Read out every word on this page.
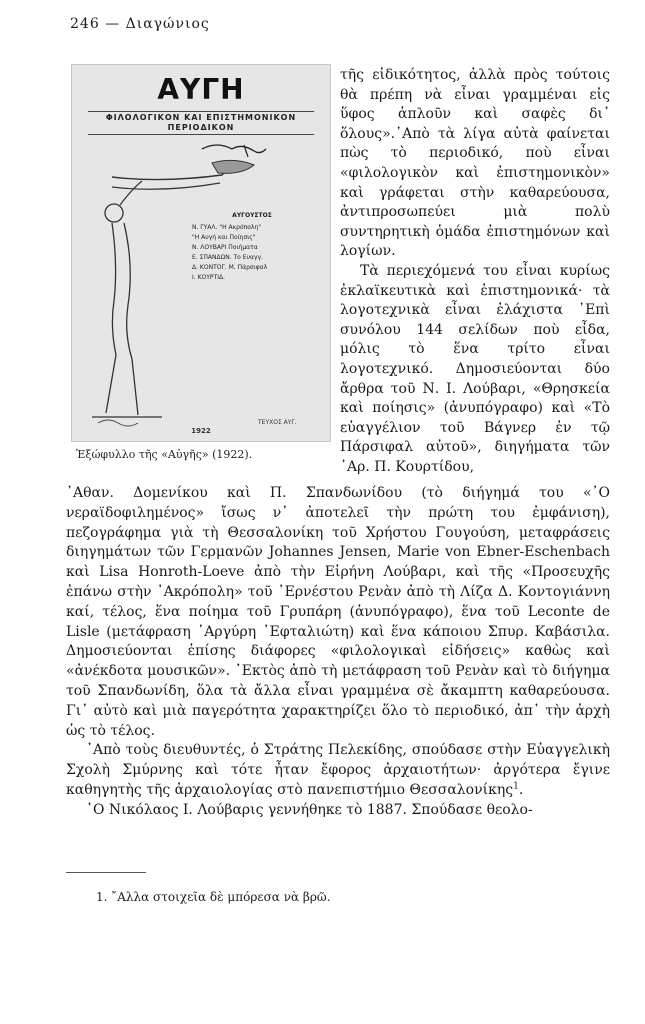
246 — Διαγώνιος
ΑΥΓΗ
ΦΙΛΟΛΟΓΙΚΟΝ ΚΑΙ ΕΠΙΣΤΗΜΟΝΙΚΟΝ
ΠΕΡΙΟΔΙΚΟΝ
ΑΥΓΟΥΣΤΟΣ
Ν. ΓΥΑΛ. "Η Ακρόπολη"
"Η Αυγή και Ποίησις"
Ν. ΛΟΥΒΑΡΙ Ποιήματα
Ε. ΣΠΑΝΔΩΝ. Το Ευαγγ.
Δ. ΚΟΝΤΟΓ. Μ. Πάρσιφαλ
Ι. ΚΟΥΡΤΙΔ.
ΤΕΥΧΟΣ ΑΥΓ.
1922
Ἐξώφυλλο τῆς «Αὐγῆς» (1922).

τῆς εἰδικότητος, ἀλλὰ πρὸς τούτοις θὰ πρέπη νὰ εἶναι γραμμέναι εἰς ὕφος ἁπλοῦν καὶ σαφὲς δι᾽ ὅλους».᾽Απὸ τὰ λίγα αὐτὰ φαίνεται πὼς τὸ περιοδικό, ποὺ εἶναι «φιλολογικὸν καὶ ἐπιστημονικὸν» καὶ γράφεται στὴν καθαρεύουσα, ἀντιπροσωπεύει μιὰ πολὺ συντηρητικὴ ὁμάδα ἐπιστημόνων καὶ λογίων.

Τὰ περιεχόμενά του εἶναι κυρίως ἐκλαϊκευτικὰ καὶ ἐπιστημονικά· τὰ λογοτεχνικὰ εἶναι ἐλάχιστα ᾽Επὶ συνόλου 144 σελίδων ποὺ εἶδα, μόλις τὸ ἕνα τρίτο εἶναι λογοτεχνικό. Δημοσιεύονται δύο ἄρθρα τοῦ Ν. Ι. Λούβαρι, «Θρησκεία καὶ ποίησις» (ἀνυπόγραφο) καὶ «Τὸ εὐαγγέλιον τοῦ Βάγνερ ἐν τῷ Πάρσιφαλ αὐτοῦ», διηγήματα τῶν ᾽Αρ. Π. Κουρτίδου,

᾽Αθαν. Δομενίκου καὶ Π. Σπανδωνίδου (τὸ διήγημά του «᾽Ο νεραϊδοφιλημένος» ἴσως ν᾽ ἀποτελεῖ τὴν πρώτη του ἐμφάνιση), πεζογράφημα γιὰ τὴ Θεσσαλονίκη τοῦ Χρήστου Γουγούση, μεταφράσεις διηγημάτων τῶν Γερμανῶν Johannes Jensen, Marie von Ebner-Eschenbach καὶ Lisa Honroth-Loeve ἀπὸ τὴν Εἰρήνη Λούβαρι, καὶ τῆς «Προσευχῆς ἐπάνω στὴν ᾽Ακρόπολη» τοῦ ᾽Ερνέστου Ρενὰν ἀπὸ τὴ Λίζα Δ. Κοντογιάννη καί, τέλος, ἕνα ποίημα τοῦ Γρυπάρη (ἀνυπόγραφο), ἕνα τοῦ Leconte de Lisle (μετάφραση ᾽Αργύρη ᾽Εφταλιώτη) καὶ ἕνα κάποιου Σπυρ. Καβάσιλα. Δημοσιεύονται ἐπίσης διάφορες «φιλολογικαὶ εἰδήσεις» καθὼς καὶ «ἀνέκδοτα μουσικῶν». ᾽Εκτὸς ἀπὸ τὴ μετάφραση τοῦ Ρενὰν καὶ τὸ διήγημα τοῦ Σπανδωνίδη, ὅλα τὰ ἄλλα εἶναι γραμμένα σὲ ἄκαμπτη καθαρεύουσα. Γι᾽ αὐτὸ καὶ μιὰ παγερότητα χαρακτηρίζει ὅλο τὸ περιοδικό, ἀπ᾽ τὴν ἀρχὴ ὡς τὸ τέλος.

᾽Απὸ τοὺς διευθυντές, ὁ Στράτης Πελεκίδης, σπούδασε στὴν Εὐαγγελικὴ Σχολὴ Σμύρνης καὶ τότε ἦταν ἔφορος ἀρχαιοτήτων· ἀργότερα ἔγινε καθηγητὴς τῆς ἀρχαιολογίας στὸ πανεπιστήμιο Θεσσαλονίκης$^1$.

῾Ο Νικόλαος Ι. Λούβαρις γεννήθηκε τὸ 1887. Σπούδασε θεολο-

1. ῎Αλλα στοιχεῖα δὲ μπόρεσα νὰ βρῶ.
